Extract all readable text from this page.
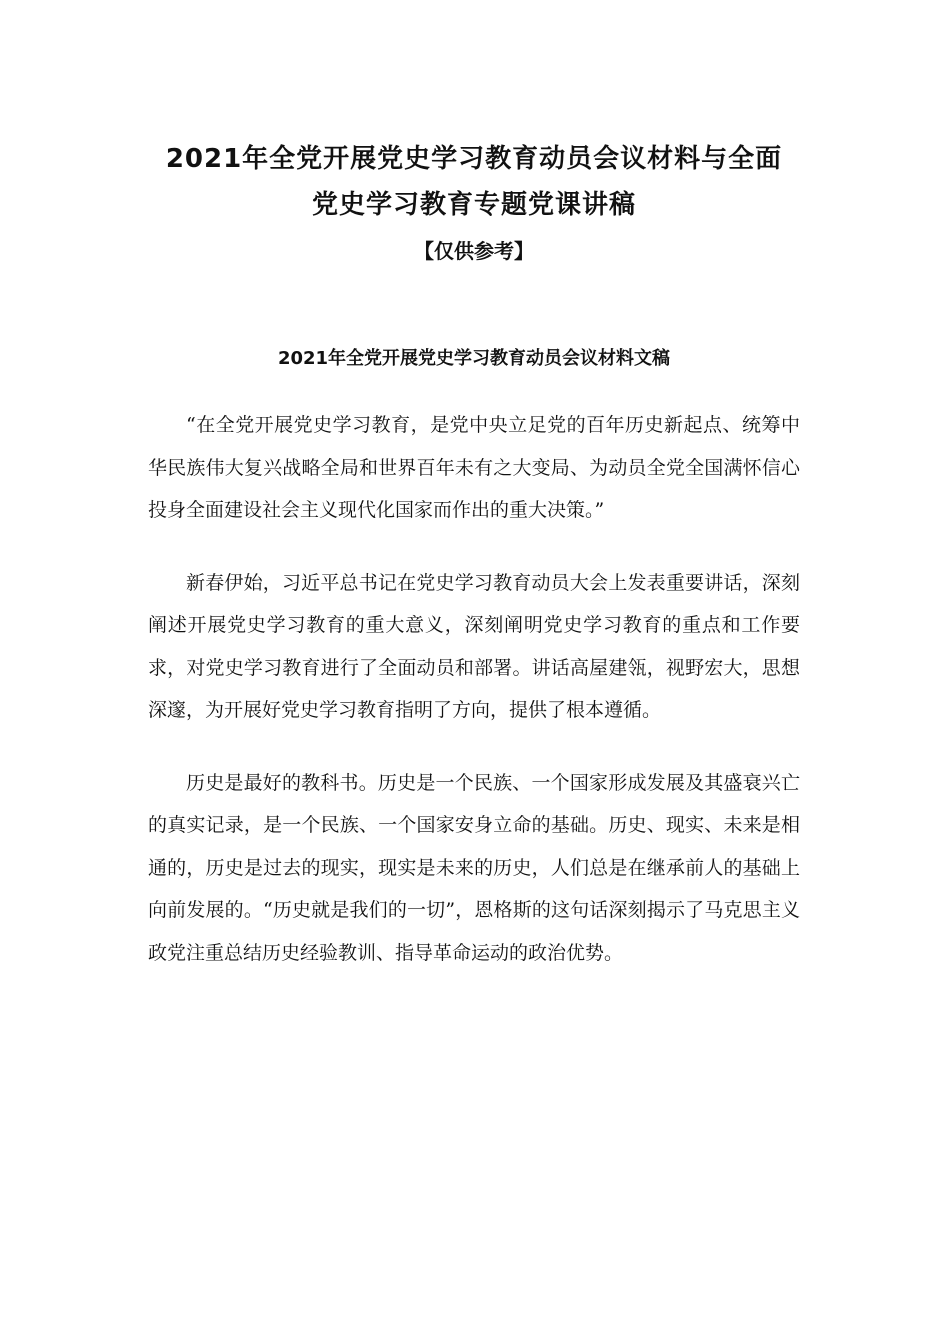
2021年全党开展党史学习教育动员会议材料与全面
党史学习教育专题党课讲稿
【仅供参考】
2021年全党开展党史学习教育动员会议材料文稿

“在全党开展党史学习教育，是党中央立足党的百年历史新起点、统筹中华民族伟大复兴战略全局和世界百年未有之大变局、为动员全党全国满怀信心投身全面建设社会主义现代化国家而作出的重大决策。”

新春伊始，习近平总书记在党史学习教育动员大会上发表重要讲话，深刻阐述开展党史学习教育的重大意义，深刻阐明党史学习教育的重点和工作要求，对党史学习教育进行了全面动员和部署。讲话高屋建瓴，视野宏大，思想深邃，为开展好党史学习教育指明了方向，提供了根本遵循。

历史是最好的教科书。历史是一个民族、一个国家形成发展及其盛衰兴亡的真实记录，是一个民族、一个国家安身立命的基础。历史、现实、未来是相通的，历史是过去的现实，现实是未来的历史，人们总是在继承前人的基础上向前发展的。“历史就是我们的一切”，恩格斯的这句话深刻揭示了马克思主义政党注重总结历史经验教训、指导革命运动的政治优势。
